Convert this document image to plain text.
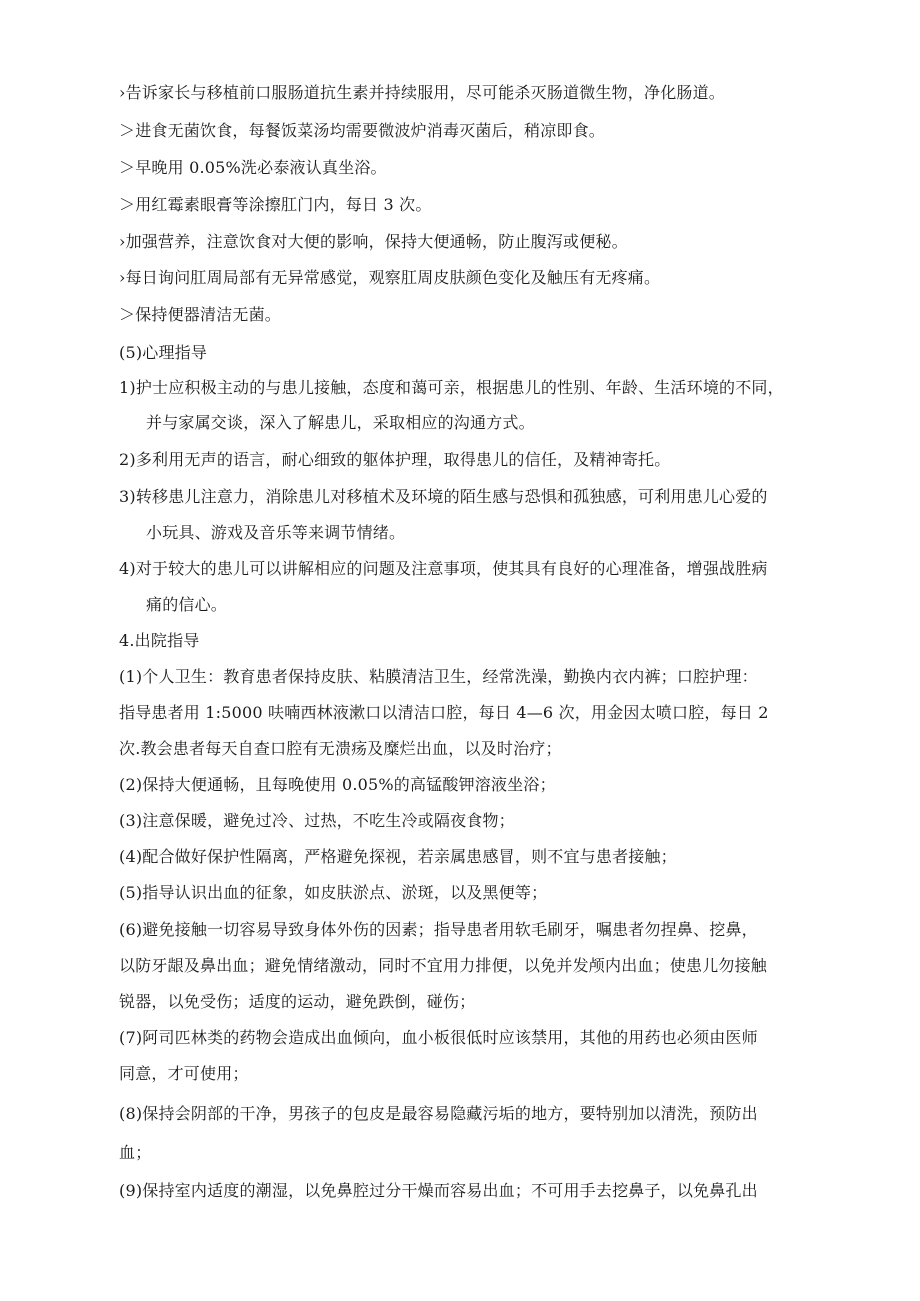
›告诉家长与移植前口服肠道抗生素并持续服用，尽可能杀灭肠道微生物，净化肠道。
＞进食无菌饮食，每餐饭菜汤均需要微波炉消毒灭菌后，稍凉即食。
＞早晚用 0.05%洗必泰液认真坐浴。
＞用红霉素眼膏等涂擦肛门内，每日 3 次。
›加强营养，注意饮食对大便的影响，保持大便通畅，防止腹泻或便秘。
›每日询问肛周局部有无异常感觉，观察肛周皮肤颜色变化及触压有无疼痛。
＞保持便器清洁无菌。
(5)心理指导
1)护士应积极主动的与患儿接触，态度和蔼可亲，根据患儿的性别、年龄、生活环境的不同，
并与家属交谈，深入了解患儿，采取相应的沟通方式。
2)多利用无声的语言，耐心细致的躯体护理，取得患儿的信任，及精神寄托。
3)转移患儿注意力，消除患儿对移植术及环境的陌生感与恐惧和孤独感，可利用患儿心爱的
小玩具、游戏及音乐等来调节情绪。
4)对于较大的患儿可以讲解相应的问题及注意事项，使其具有良好的心理准备，增强战胜病
痛的信心。
4.出院指导
(1)个人卫生：教育患者保持皮肤、粘膜清洁卫生，经常洗澡，勤换内衣内裤；口腔护理：
指导患者用 1:5000 呋喃西林液漱口以清洁口腔，每日 4—6 次，用金因太喷口腔，每日 2
次.教会患者每天自查口腔有无溃疡及糜烂出血，以及时治疗；
(2)保持大便通畅，且每晚使用 0.05%的高锰酸钾溶液坐浴；
(3)注意保暖，避免过冷、过热，不吃生冷或隔夜食物；
(4)配合做好保护性隔离，严格避免探视，若亲属患感冒，则不宜与患者接触；
(5)指导认识出血的征象，如皮肤淤点、淤斑，以及黑便等；
(6)避免接触一切容易导致身体外伤的因素；指导患者用软毛刷牙，嘱患者勿捏鼻、挖鼻，
以防牙龈及鼻出血；避免情绪激动，同时不宜用力排便，以免并发颅内出血；使患儿勿接触
锐器，以免受伤；适度的运动，避免跌倒，碰伤；
(7)阿司匹林类的药物会造成出血倾向，血小板很低时应该禁用，其他的用药也必须由医师
同意，才可使用；
(8)保持会阴部的干净，男孩子的包皮是最容易隐藏污垢的地方，要特别加以清洗，预防出
血；
(9)保持室内适度的潮湿，以免鼻腔过分干燥而容易出血；不可用手去挖鼻子，以免鼻孔出
